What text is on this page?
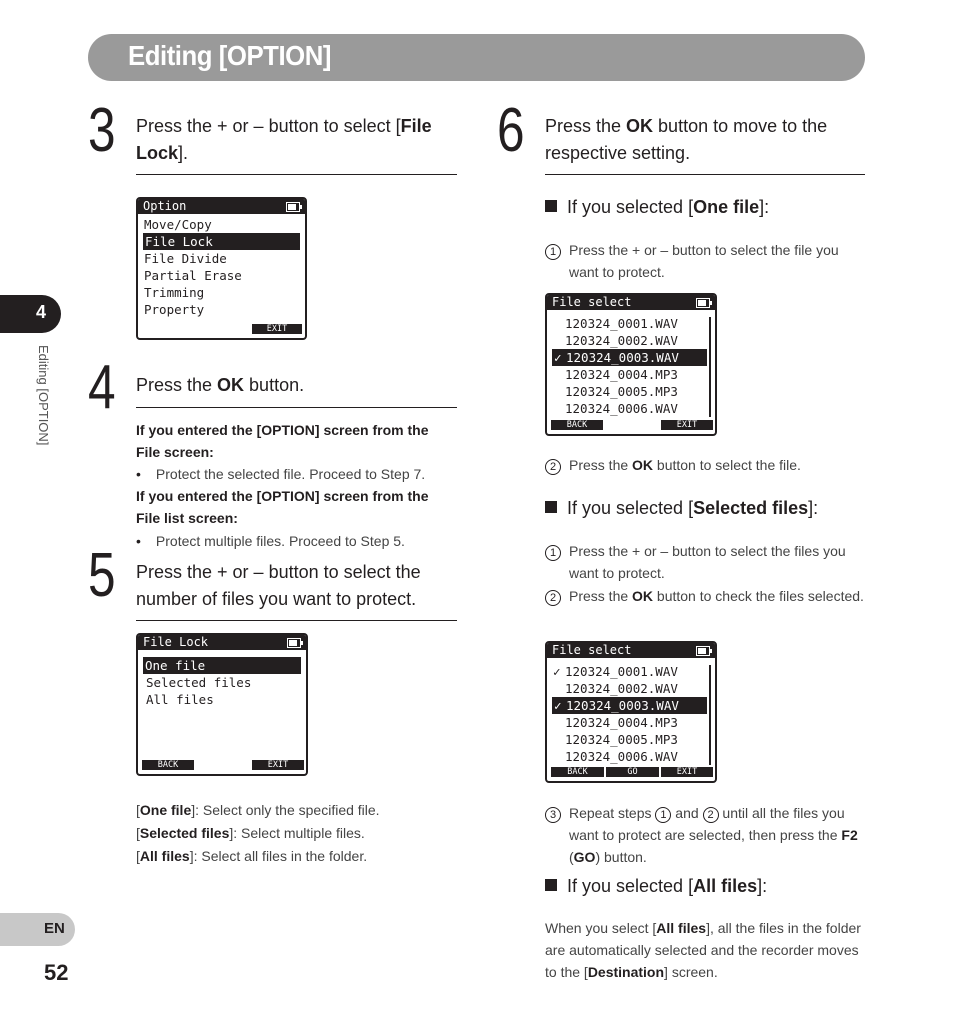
Editing [OPTION]
4
Editing [OPTION]
EN
52
3 Press the + or – button to select [File Lock].
Option
Move/Copy
File Lock
File Divide
Partial Erase
Trimming
Property
EXIT
4 Press the OK button.
If you entered the [OPTION] screen from the File screen:
• Protect the selected file. Proceed to Step 7.
If you entered the [OPTION] screen from the File list screen:
• Protect multiple files. Proceed to Step 5.
5 Press the + or – button to select the number of files you want to protect.
File Lock
One file
Selected files
All files
BACK	EXIT
[One file]: Select only the specified file.
[Selected files]: Select multiple files.
[All files]: Select all files in the folder.
6 Press the OK button to move to the respective setting.
If you selected [One file]:
1 Press the + or – button to select the file you want to protect.
File select
120324_0001.WAV
120324_0002.WAV
✓ 120324_0003.WAV
120324_0004.MP3
120324_0005.MP3
120324_0006.WAV
BACK	EXIT
2 Press the OK button to select the file.
If you selected [Selected files]:
1 Press the + or – button to select the files you want to protect.
2 Press the OK button to check the files selected.
File select
✓ 120324_0001.WAV
120324_0002.WAV
✓ 120324_0003.WAV
120324_0004.MP3
120324_0005.MP3
120324_0006.WAV
BACK	GO	EXIT
3 Repeat steps 1 and 2 until all the files you want to protect are selected, then press the F2 (GO) button.
If you selected [All files]:
When you select [All files], all the files in the folder are automatically selected and the recorder moves to the [Destination] screen.
